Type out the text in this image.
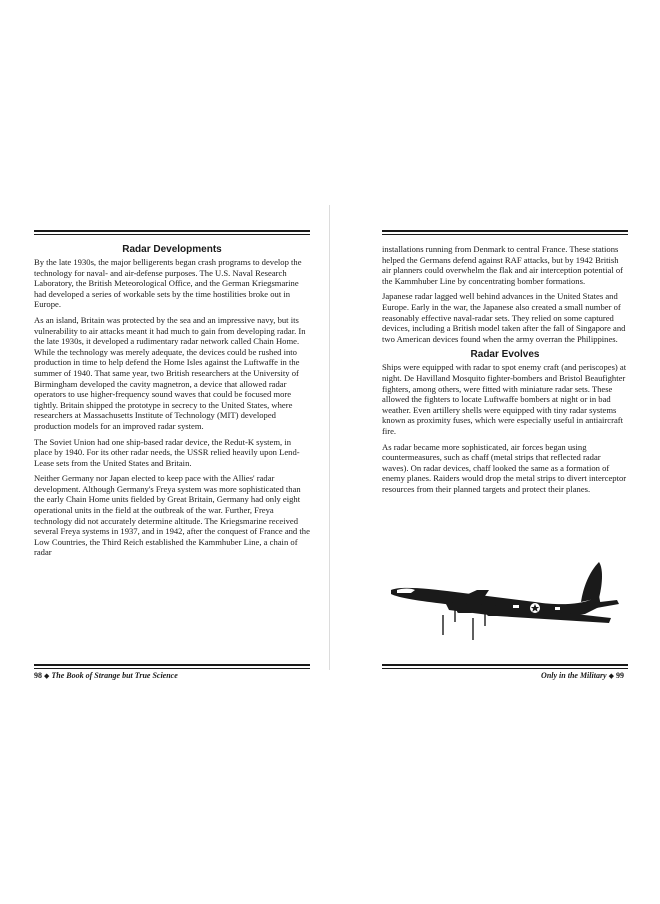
Radar Developments

By the late 1930s, the major belligerents began crash programs to develop the technology for naval- and air-defense purposes. The U.S. Naval Research Laboratory, the British Meteorological Office, and the German Kriegsmarine had developed a series of workable sets by the time hostilities broke out in Europe.

As an island, Britain was protected by the sea and an impressive navy, but its vulnerability to air attacks meant it had much to gain from developing radar. In the late 1930s, it developed a rudimentary radar network called Chain Home. While the technology was merely adequate, the devices could be rushed into production in time to help defend the Home Isles against the Luftwaffe in the summer of 1940. That same year, two British researchers at the University of Birmingham developed the cavity magnetron, a device that allowed radar operators to use higher-frequency sound waves that could be focused more tightly. Britain shipped the prototype in secrecy to the United States, where researchers at Massachusetts Institute of Technology (MIT) developed production models for an improved radar system.

The Soviet Union had one ship-based radar device, the Redut-K system, in place by 1940. For its other radar needs, the USSR relied heavily upon Lend-Lease sets from the United States and Britain.

Neither Germany nor Japan elected to keep pace with the Allies' radar development. Although Germany's Freya system was more sophisticated than the early Chain Home units fielded by Great Britain, Germany had only eight operational units in the field at the outbreak of the war. Further, Freya technology did not accurately determine altitude. The Kriegsmarine received several Freya systems in 1937, and in 1942, after the conquest of France and the Low Countries, the Third Reich established the Kammhuber Line, a chain of radar

installations running from Denmark to central France. These stations helped the Germans defend against RAF attacks, but by 1942 British air planners could overwhelm the flak and air interception potential of the Kammhuber Line by concentrating bomber formations.

Japanese radar lagged well behind advances in the United States and Europe. Early in the war, the Japanese also created a small number of reasonably effective naval-radar sets. They relied on some captured devices, including a British model taken after the fall of Singapore and two American devices found when the army overran the Philippines.

Radar Evolves

Ships were equipped with radar to spot enemy craft (and periscopes) at night. De Havilland Mosquito fighter-bombers and Bristol Beaufighter fighters, among others, were fitted with miniature radar sets. These allowed the fighters to locate Luftwaffe bombers at night or in bad weather. Even artillery shells were equipped with tiny radar systems known as proximity fuses, which were especially useful in antiaircraft fire.

As radar became more sophisticated, air forces began using countermeasures, such as chaff (metal strips that reflected radar waves). On radar devices, chaff looked the same as a formation of enemy planes. Raiders would drop the metal strips to divert interceptor resources from their planned targets and protect their planes.

98 ◆ The Book of Strange but True Science	Only in the Military ◆ 99
